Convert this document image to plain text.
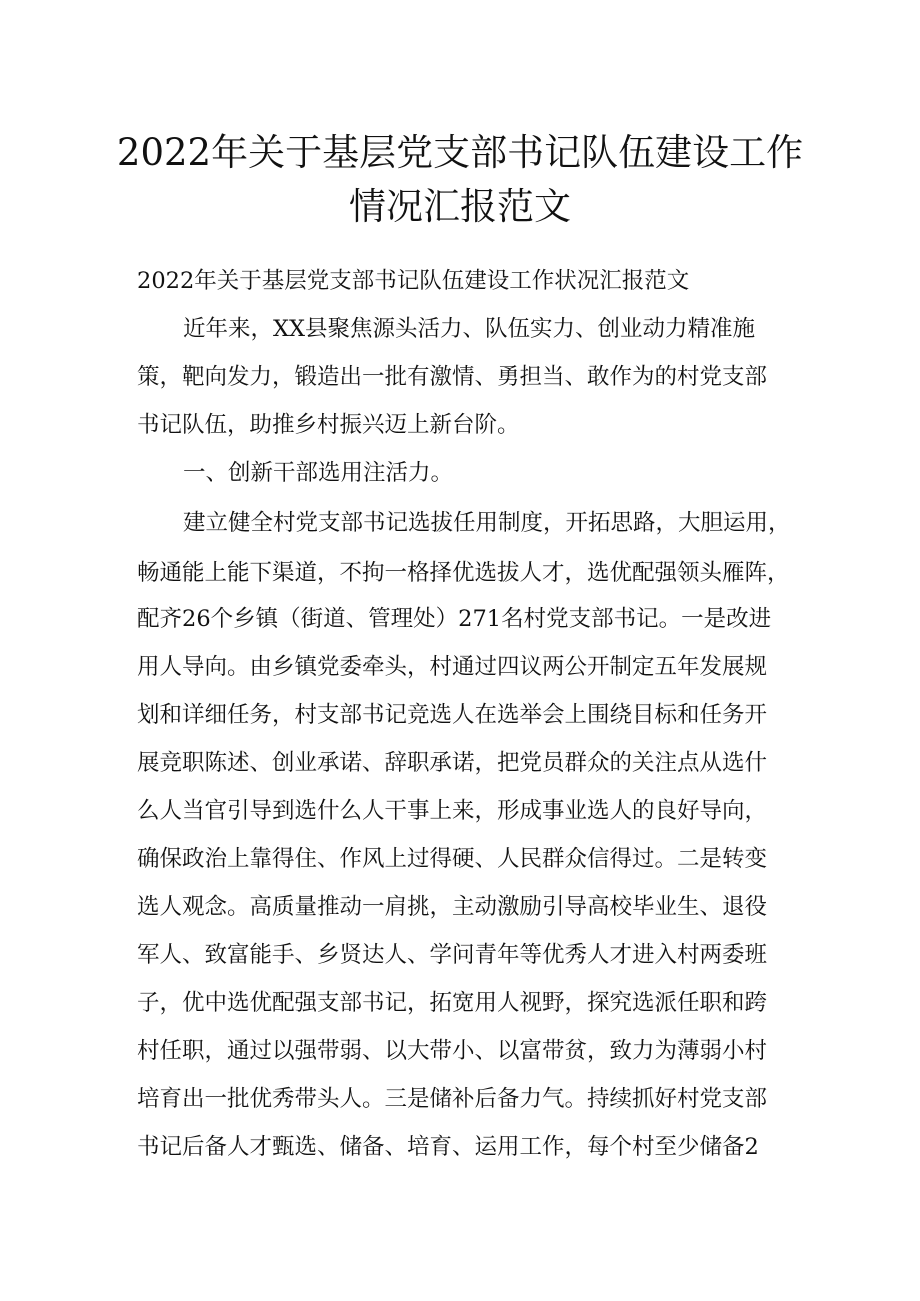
2022年关于基层党支部书记队伍建设工作
情况汇报范文
2022年关于基层党支部书记队伍建设工作状况汇报范文
近年来，XX县聚焦源头活力、队伍实力、创业动力精准施
策，靶向发力，锻造出一批有激情、勇担当、敢作为的村党支部
书记队伍，助推乡村振兴迈上新台阶。
一、创新干部选用注活力。
建立健全村党支部书记选拔任用制度，开拓思路，大胆运用，
畅通能上能下渠道，不拘一格择优选拔人才，选优配强领头雁阵，
配齐26个乡镇（街道、管理处）271名村党支部书记。一是改进
用人导向。由乡镇党委牵头，村通过四议两公开制定五年发展规
划和详细任务，村支部书记竞选人在选举会上围绕目标和任务开
展竞职陈述、创业承诺、辞职承诺，把党员群众的关注点从选什
么人当官引导到选什么人干事上来，形成事业选人的良好导向，
确保政治上靠得住、作风上过得硬、人民群众信得过。二是转变
选人观念。高质量推动一肩挑，主动激励引导高校毕业生、退役
军人、致富能手、乡贤达人、学问青年等优秀人才进入村两委班
子，优中选优配强支部书记，拓宽用人视野，探究选派任职和跨
村任职，通过以强带弱、以大带小、以富带贫，致力为薄弱小村
培育出一批优秀带头人。三是储补后备力气。持续抓好村党支部
书记后备人才甄选、储备、培育、运用工作，每个村至少储备2
